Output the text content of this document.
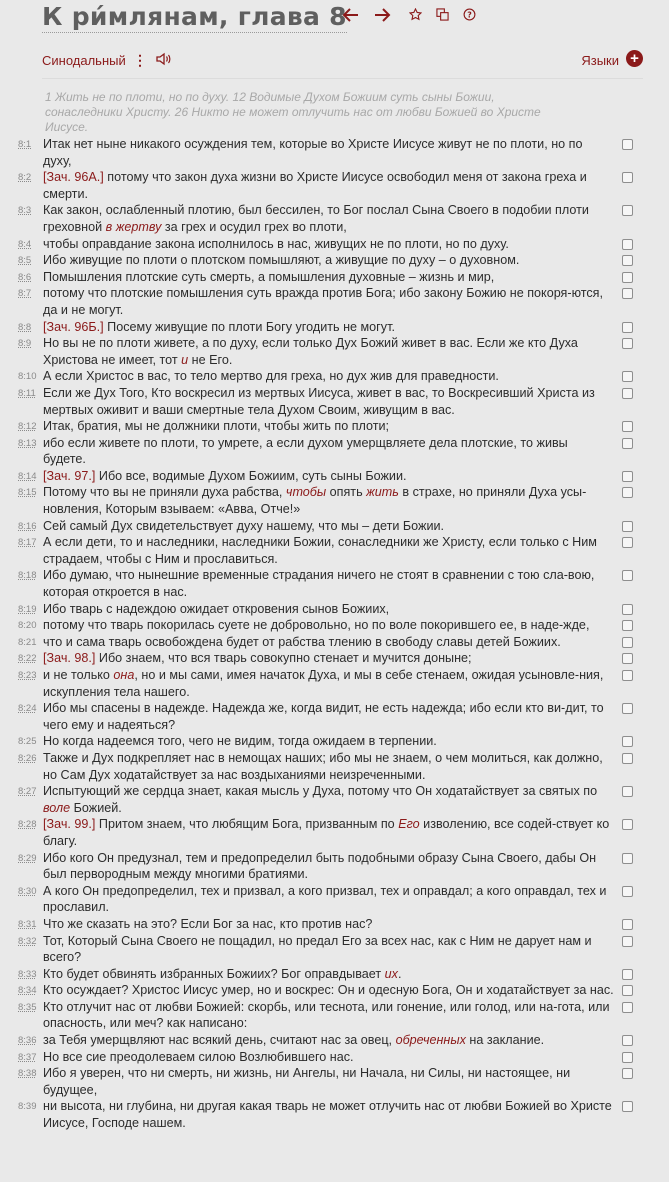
К ри́млянам, глава 8	?
Синодальный ⋮	Языки +
1 Жить не по плоти, но по духу. 12 Водимые Духом Божиим суть сыны Божии, сонаследники Христу. 26 Никто не может отлучить нас от любви Божией во Христе Иисусе.
8:1 Итак нет ныне никакого осуждения тем, которые во Христе Иисусе живут не по плоти, но по духу,
8:2 [Зач. 96А.] потому что закон духа жизни во Христе Иисусе освободил меня от закона греха и смерти.
8:3 Как закон, ослабленный плотию, был бессилен, то Бог послал Сына Своего в подобии плоти греховной в жертву за грех и осудил грех во плоти,
8:4 чтобы оправдание закона исполнилось в нас, живущих не по плоти, но по духу.
8:5 Ибо живущие по плоти о плотском помышляют, а живущие по духу – о духовном.
8:6 Помышления плотские суть смерть, а помышления духовные – жизнь и мир,
8:7 потому что плотские помышления суть вражда против Бога; ибо закону Божию не покоря-ются, да и не могут.
8:8 [Зач. 96Б.] Посему живущие по плоти Богу угодить не могут.
8:9 Но вы не по плоти живете, а по духу, если только Дух Божий живет в вас. Если же кто Духа Христова не имеет, тот и не Его.
8:10 А если Христос в вас, то тело мертво для греха, но дух жив для праведности.
8:11 Если же Дух Того, Кто воскресил из мертвых Иисуса, живет в вас, то Воскресивший Христа из мертвых оживит и ваши смертные тела Духом Своим, живущим в вас.
8:12 Итак, братия, мы не должники плоти, чтобы жить по плоти;
8:13 ибо если живете по плоти, то умрете, а если духом умерщвляете дела плотские, то живы будете.
8:14 [Зач. 97.] Ибо все, водимые Духом Божиим, суть сыны Божии.
8:15 Потому что вы не приняли духа рабства, чтобы опять жить в страхе, но приняли Духа усы-новления, Которым взываем: «Авва, Отче!»
8:16 Сей самый Дух свидетельствует духу нашему, что мы – дети Божии.
8:17 А если дети, то и наследники, наследники Божии, сонаследники же Христу, если только с Ним страдаем, чтобы с Ним и прославиться.
8:18 Ибо думаю, что нынешние временные страдания ничего не стоят в сравнении с тою сла-вою, которая откроется в нас.
8:19 Ибо тварь с надеждою ожидает откровения сынов Божиих,
8:20 потому что тварь покорилась суете не добровольно, но по воле покорившего ее, в наде-жде,
8:21 что и сама тварь освобождена будет от рабства тлению в свободу славы детей Божиих.
8:22 [Зач. 98.] Ибо знаем, что вся тварь совокупно стенает и мучится доныне;
8:23 и не только она, но и мы сами, имея начаток Духа, и мы в себе стенаем, ожидая усыновле-ния, искупления тела нашего.
8:24 Ибо мы спасены в надежде. Надежда же, когда видит, не есть надежда; ибо если кто ви-дит, то чего ему и надеяться?
8:25 Но когда надеемся того, чего не видим, тогда ожидаем в терпении.
8:26 Также и Дух подкрепляет нас в немощах наших; ибо мы не знаем, о чем молиться, как должно, но Сам Дух ходатайствует за нас воздыханиями неизреченными.
8:27 Испытующий же сердца знает, какая мысль у Духа, потому что Он ходатайствует за святых по воле Божией.
8:28 [Зач. 99.] Притом знаем, что любящим Бога, призванным по Его изволению, все содей-ствует ко благу.
8:29 Ибо кого Он предузнал, тем и предопределил быть подобными образу Сына Своего, дабы Он был первородным между многими братиями.
8:30 А кого Он предопределил, тех и призвал, а кого призвал, тех и оправдал; а кого оправдал, тех и прославил.
8:31 Что же сказать на это? Если Бог за нас, кто против нас?
8:32 Тот, Который Сына Своего не пощадил, но предал Его за всех нас, как с Ним не дарует нам и всего?
8:33 Кто будет обвинять избранных Божиих? Бог оправдывает их.
8:34 Кто осуждает? Христос Иисус умер, но и воскрес: Он и одесную Бога, Он и ходатайствует за нас.
8:35 Кто отлучит нас от любви Божией: скорбь, или теснота, или гонение, или голод, или на-гота, или опасность, или меч? как написано:
8:36 за Тебя умерщвляют нас всякий день, считают нас за овец, обреченных на заклание.
8:37 Но все сие преодолеваем силою Возлюбившего нас.
8:38 Ибо я уверен, что ни смерть, ни жизнь, ни Ангелы, ни Начала, ни Силы, ни настоящее, ни будущее,
8:39 ни высота, ни глубина, ни другая какая тварь не может отлучить нас от любви Божией во Христе Иисусе, Господе нашем.
